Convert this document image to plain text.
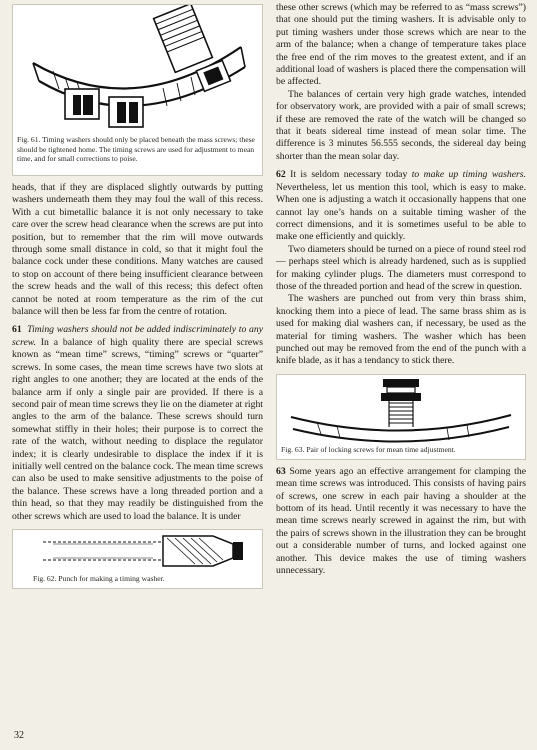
Fig. 61. Timing washers should only be placed beneath the mass screws; these should be tightened home. The timing screws are used for adjustment to mean time, and for small corrections to poise.

heads, that if they are displaced slightly outwards by putting washers underneath them they may foul the wall of this recess. With a cut bimetallic balance it is not only necessary to take care over the screw head clearance when the screws are put into position, but to remember that the rim will move outwards through some small distance in cold, so that it might foul the balance cock under these conditions. Many watches are caused to stop on account of there being insufficient clearance between the screw heads and the wall of this recess; this defect often cannot be noted at room temperature as the rim of the cut balance will then be less far from the centre of rotation.

61 Timing washers should not be added indiscriminately to any screw. In a balance of high quality there are special screws known as “mean time” screws, “timing” screws or “quarter” screws. In some cases, the mean time screws have two slots at right angles to one another; they are located at the ends of the balance arm if only a single pair are provided. If there is a second pair of mean time screws they lie on the diameter at right angles to the arm of the balance. These screws should turn somewhat stiffly in their holes; their purpose is to correct the rate of the watch, without needing to displace the regulator index; it is clearly undesirable to displace the index if it is initially well centred on the balance cock. The mean time screws can also be used to make sensitive adjustments to the poise of the balance. These screws have a long threaded portion and a thin head, so that they may readily be distinguished from the other screws which are used to load the balance. It is under

Fig. 62. Punch for making a timing washer.

these other screws (which may be referred to as “mass screws”) that one should put the timing washers. It is advisable only to put timing washers under those screws which are near to the arm of the balance; when a change of temperature takes place the free end of the rim moves to the greatest extent, and if an additional load of washers is placed there the compensation will be affected.

The balances of certain very high grade watches, intended for observatory work, are provided with a pair of small screws; if these are removed the rate of the watch will be changed so that it beats sidereal time instead of mean solar time. The difference is 3 minutes 56.555 seconds, the sidereal day being shorter than the mean solar day.

62 It is seldom necessary today to make up timing washers. Nevertheless, let us mention this tool, which is easy to make. When one is adjusting a watch it occasionally happens that one cannot lay one’s hands on a suitable timing washer of the correct dimensions, and it is sometimes useful to be able to make one efficiently and quickly.

Two diameters should be turned on a piece of round steel rod — perhaps steel which is already hardened, such as is supplied for making cylinder plugs. The diameters must correspond to those of the threaded portion and head of the screw in question.

The washers are punched out from very thin brass shim, knocking them into a piece of lead. The same brass shim as is used for making dial washers can, if necessary, be used as the material for timing washers. The washer which has been punched out may be removed from the end of the punch with a knife blade, as it has a tendancy to stick there.

Fig. 63. Pair of locking screws for mean time adjustment.

63 Some years ago an effective arrangement for clamping the mean time screws was introduced. This consists of having pairs of screws, one screw in each pair having a shoulder at the bottom of its head. Until recently it was necessary to have the mean time screws nearly screwed in against the rim, but with the pairs of screws shown in the illustration they can be brought out a considerable number of turns, and locked against one another. This device makes the use of timing washers unnecessary.

32
